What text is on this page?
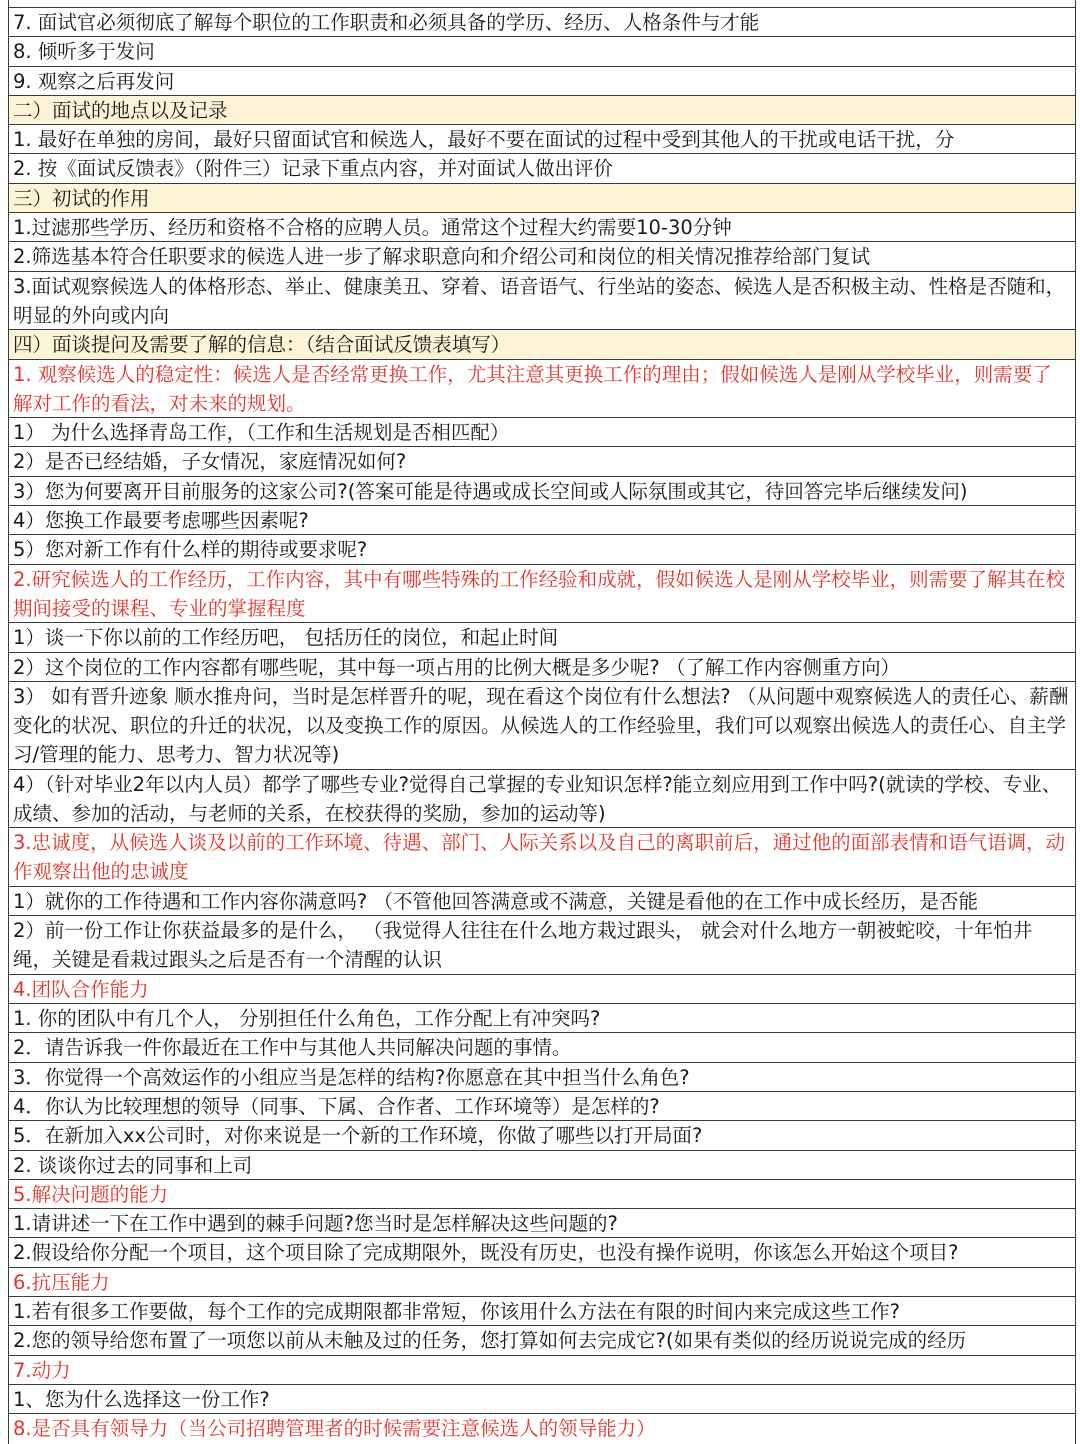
7. 面试官必须彻底了解每个职位的工作职责和必须具备的学历、经历、人格条件与才能
8. 倾听多于发问
9. 观察之后再发问
二）面试的地点以及记录
1. 最好在单独的房间，最好只留面试官和候选人，最好不要在面试的过程中受到其他人的干扰或电话干扰，分
2. 按《面试反馈表》（附件三）记录下重点内容，并对面试人做出评价
三）初试的作用
1.过滤那些学历、经历和资格不合格的应聘人员。通常这个过程大约需要10-30分钟
2.筛选基本符合任职要求的候选人进一步了解求职意向和介绍公司和岗位的相关情况推荐给部门复试
3.面试观察候选人的体格形态、举止、健康美丑、穿着、语音语气、行坐站的姿态、候选人是否积极主动、性格是否随和，明显的外向或内向
四）面谈提问及需要了解的信息：（结合面试反馈表填写）
1. 观察候选人的稳定性：候选人是否经常更换工作，尤其注意其更换工作的理由；假如候选人是刚从学校毕业，则需要了解对工作的看法，对未来的规划。
1） 为什么选择青岛工作，（工作和生活规划是否相匹配）
2）是否已经结婚，子女情况，家庭情况如何?
3）您为何要离开目前服务的这家公司?(答案可能是待遇或成长空间或人际氛围或其它，待回答完毕后继续发问)
4）您换工作最要考虑哪些因素呢?
5）您对新工作有什么样的期待或要求呢?
2.研究候选人的工作经历，工作内容，其中有哪些特殊的工作经验和成就，假如候选人是刚从学校毕业，则需要了解其在校期间接受的课程、专业的掌握程度
1）谈一下你以前的工作经历吧， 包括历任的岗位，和起止时间
2）这个岗位的工作内容都有哪些呢，其中每一项占用的比例大概是多少呢? （了解工作内容侧重方向）
3） 如有晋升迹象 顺水推舟问，当时是怎样晋升的呢，现在看这个岗位有什么想法? （从问题中观察候选人的责任心、薪酬变化的状况、职位的升迁的状况，以及变换工作的原因。从候选人的工作经验里，我们可以观察出候选人的责任心、自主学习/管理的能力、思考力、智力状况等)
4）（针对毕业2年以内人员）都学了哪些专业?觉得自己掌握的专业知识怎样?能立刻应用到工作中吗?(就读的学校、专业、成绩、参加的活动，与老师的关系，在校获得的奖励，参加的运动等)
3.忠诚度，从候选人谈及以前的工作环境、待遇、部门、人际关系以及自己的离职前后，通过他的面部表情和语气语调，动作观察出他的忠诚度
1）就你的工作待遇和工作内容你满意吗? （不管他回答满意或不满意，关键是看他的在工作中成长经历，是否能
2）前一份工作让你获益最多的是什么， （我觉得人往往在什么地方栽过跟头， 就会对什么地方一朝被蛇咬，十年怕井绳，关键是看栽过跟头之后是否有一个清醒的认识
4.团队合作能力
1. 你的团队中有几个人， 分别担任什么角色，工作分配上有冲突吗?
2．请告诉我一件你最近在工作中与其他人共同解决问题的事情。
3．你觉得一个高效运作的小组应当是怎样的结构?你愿意在其中担当什么角色?
4．你认为比较理想的领导（同事、下属、合作者、工作环境等）是怎样的?
5．在新加入xx公司时，对你来说是一个新的工作环境，你做了哪些以打开局面?
2. 谈谈你过去的同事和上司
5.解决问题的能力
1.请讲述一下在工作中遇到的棘手问题?您当时是怎样解决这些问题的?
2.假设给你分配一个项目，这个项目除了完成期限外，既没有历史，也没有操作说明，你该怎么开始这个项目?
6.抗压能力
1.若有很多工作要做，每个工作的完成期限都非常短，你该用什么方法在有限的时间内来完成这些工作?
2.您的领导给您布置了一项您以前从未触及过的任务，您打算如何去完成它?(如果有类似的经历说说完成的经历
7.动力
1、您为什么选择这一份工作?
8.是否具有领导力（当公司招聘管理者的时候需要注意候选人的领导能力）
